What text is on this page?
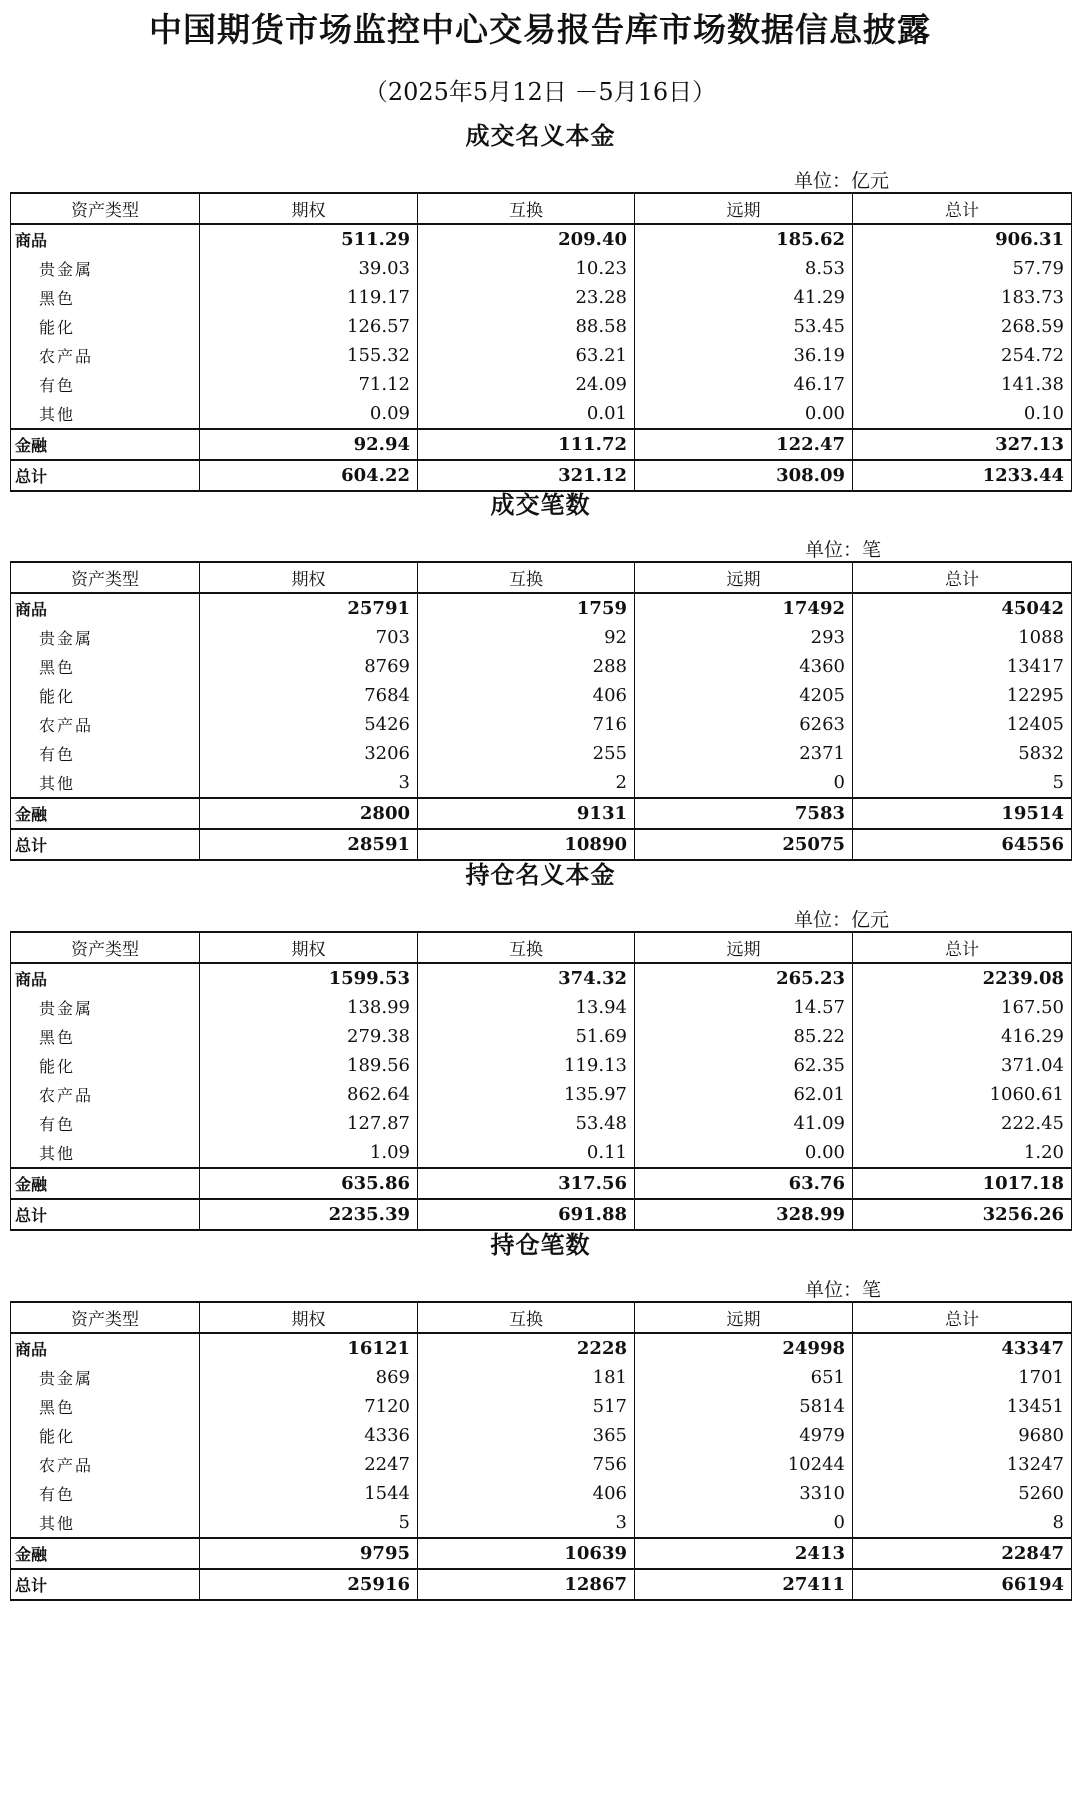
中国期货市场监控中心交易报告库市场数据信息披露
（2025年5月12日 －5月16日）
成交名义本金
单位：亿元
资产类型	期权	互换	远期	总计
商品	511.29	209.40	185.62	906.31
贵金属	39.03	10.23	8.53	57.79
黑色	119.17	23.28	41.29	183.73
能化	126.57	88.58	53.45	268.59
农产品	155.32	63.21	36.19	254.72
有色	71.12	24.09	46.17	141.38
其他	0.09	0.01	0.00	0.10
金融	92.94	111.72	122.47	327.13
总计	604.22	321.12	308.09	1233.44
成交笔数
单位：笔
资产类型	期权	互换	远期	总计
商品	25791	1759	17492	45042
贵金属	703	92	293	1088
黑色	8769	288	4360	13417
能化	7684	406	4205	12295
农产品	5426	716	6263	12405
有色	3206	255	2371	5832
其他	3	2	0	5
金融	2800	9131	7583	19514
总计	28591	10890	25075	64556
持仓名义本金
单位：亿元
资产类型	期权	互换	远期	总计
商品	1599.53	374.32	265.23	2239.08
贵金属	138.99	13.94	14.57	167.50
黑色	279.38	51.69	85.22	416.29
能化	189.56	119.13	62.35	371.04
农产品	862.64	135.97	62.01	1060.61
有色	127.87	53.48	41.09	222.45
其他	1.09	0.11	0.00	1.20
金融	635.86	317.56	63.76	1017.18
总计	2235.39	691.88	328.99	3256.26
持仓笔数
单位：笔
资产类型	期权	互换	远期	总计
商品	16121	2228	24998	43347
贵金属	869	181	651	1701
黑色	7120	517	5814	13451
能化	4336	365	4979	9680
农产品	2247	756	10244	13247
有色	1544	406	3310	5260
其他	5	3	0	8
金融	9795	10639	2413	22847
总计	25916	12867	27411	66194
